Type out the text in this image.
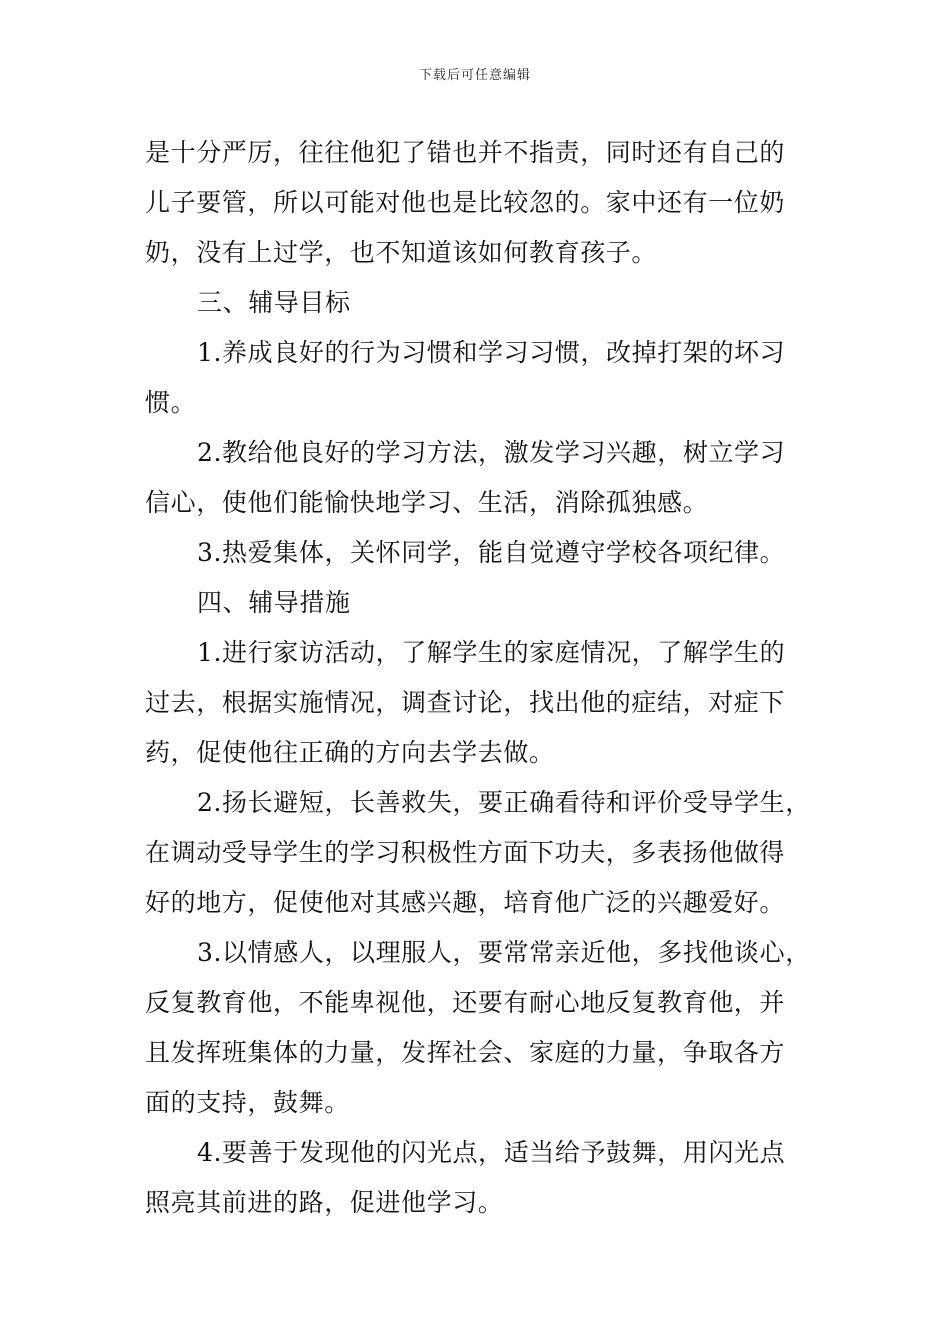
下载后可任意编辑
是十分严厉，往往他犯了错也并不指责，同时还有自己的
儿子要管，所以可能对他也是比较忽的。家中还有一位奶
奶，没有上过学，也不知道该如何教育孩子。
三、辅导目标
1.养成良好的行为习惯和学习习惯，改掉打架的坏习
惯。
2.教给他良好的学习方法，激发学习兴趣，树立学习
信心，使他们能愉快地学习、生活，消除孤独感。
3.热爱集体，关怀同学，能自觉遵守学校各项纪律。
四、辅导措施
1.进行家访活动，了解学生的家庭情况，了解学生的
过去，根据实施情况，调查讨论，找出他的症结，对症下
药，促使他往正确的方向去学去做。
2.扬长避短，长善救失，要正确看待和评价受导学生，
在调动受导学生的学习积极性方面下功夫，多表扬他做得
好的地方，促使他对其感兴趣，培育他广泛的兴趣爱好。
3.以情感人，以理服人，要常常亲近他，多找他谈心，
反复教育他，不能卑视他，还要有耐心地反复教育他，并
且发挥班集体的力量，发挥社会、家庭的力量，争取各方
面的支持，鼓舞。
4.要善于发现他的闪光点，适当给予鼓舞，用闪光点
照亮其前进的路，促进他学习。
